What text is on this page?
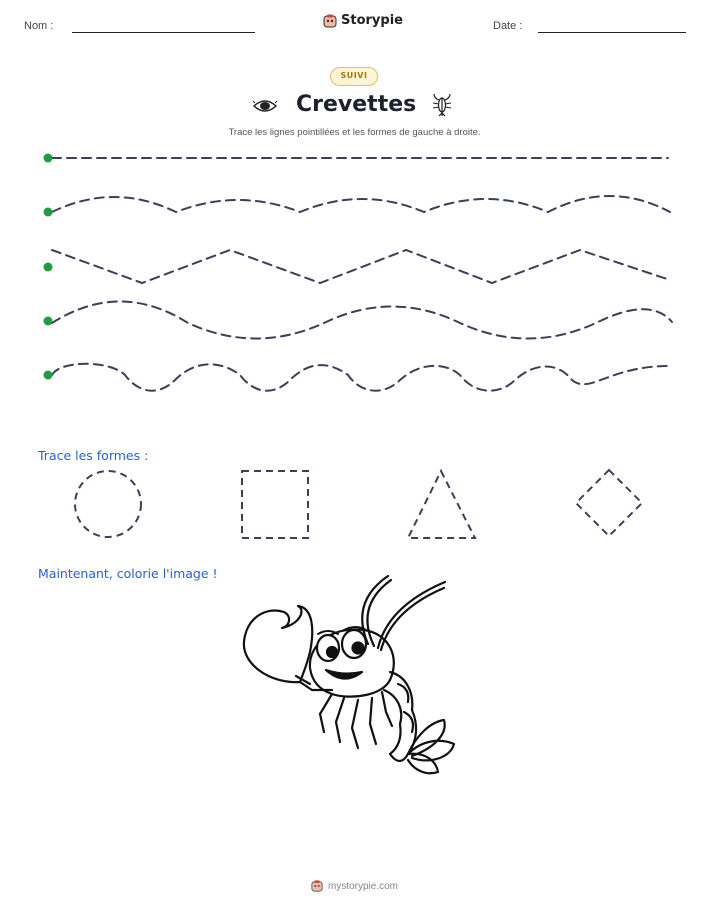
Nom :	Storypie	Date :
SUIVI
Crevettes
Trace les lignes pointillées et les formes de gauche à droite.
Trace les formes :
Maintenant, colorie l'image !
mystorypie.com
